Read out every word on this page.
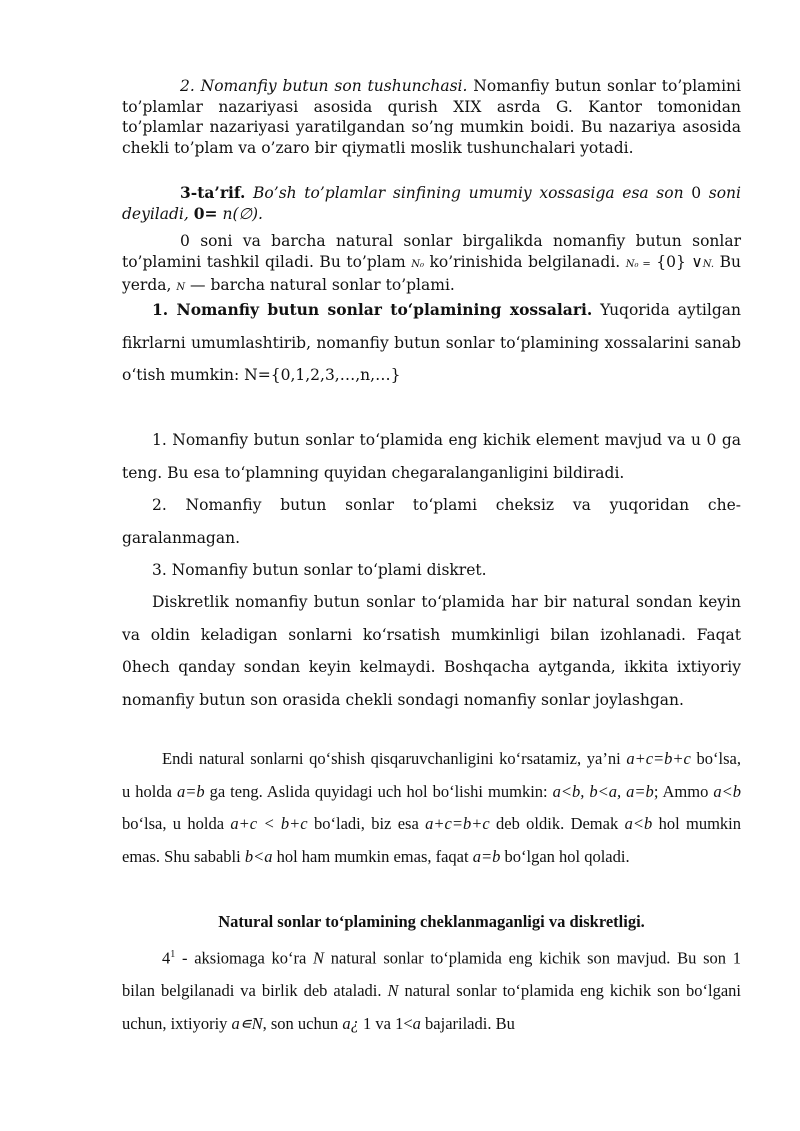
2. Nomanfiy butun son tushunchasi. Nomanfiy butun sonlar to’plamini to’plamlar nazariyasi asosida qurish XIX asrda G. Kantor tomonidan to’plamlar nazariyasi yaratilgandan so’ng mumkin boidi. Bu nazariya asosida chekli to’plam va o’zaro bir qiymatli moslik tushunchalari yotadi.

3-ta’rif. Bo’sh to’plamlar sinfining umumiy xossasiga esa son 0 soni deyiladi, 0= n(∅).

0 soni va barcha natural sonlar birgalikda nomanfiy butun sonlar to’plamini tashkil qiladi. Bu to’plam N₀ ko’rinishida belgilanadi. N₀ = {0} ∨N. Bu yerda, N — barcha natural sonlar to’plami.

1. Nomanfiy butun sonlar to‘plamining xossalari. Yuqorida aytilgan fikrlarni umumlashtirib, nomanfiy butun sonlar to‘plamining xossalarini sanab o‘tish mumkin: N={0,1,2,3,…,n,…}

1. Nomanfiy butun sonlar to‘plamida eng kichik element mavjud va u 0 ga teng. Bu esa to‘plamning quyidan chegaralanganligini bildiradi.

2. Nomanfiy butun sonlar to‘plami cheksiz va yuqoridan che-garalanmagan.

3. Nomanfiy butun sonlar to‘plami diskret.

Diskretlik nomanfiy butun sonlar to‘plamida har bir natural sondan keyin va oldin keladigan sonlarni ko‘rsatish mumkinligi bilan izohlanadi. Faqat 0hech qanday sondan keyin kelmaydi. Boshqacha aytganda, ikkita ixtiyoriy nomanfiy butun son orasida chekli sondagi nomanfiy sonlar joylashgan.

Endi natural sonlarni qo‘shish qisqaruvchanligini ko‘rsatamiz, ya’ni a+c=b+c bo‘lsa, u holda a=b ga teng. Aslida quyidagi uch hol bo‘lishi mumkin: a<b, b<a, a=b; Ammo a<b bo‘lsa, u holda a+c < b+c bo‘ladi, biz esa a+c=b+c deb oldik. Demak a<b hol mumkin emas. Shu sababli b<a hol ham mumkin emas, faqat a=b bo‘lgan hol qoladi.

Natural sonlar to‘plamining cheklanmaganligi va diskretligi.

$4^1$ - aksiomaga ko‘ra N natural sonlar to‘plamida eng kichik son mavjud. Bu son 1 bilan belgilanadi va birlik deb ataladi. N natural sonlar to‘plamida eng kichik son bo‘lgani uchun, ixtiyoriy a∊N, son uchun a¿ 1 va 1<a bajariladi. Bu
